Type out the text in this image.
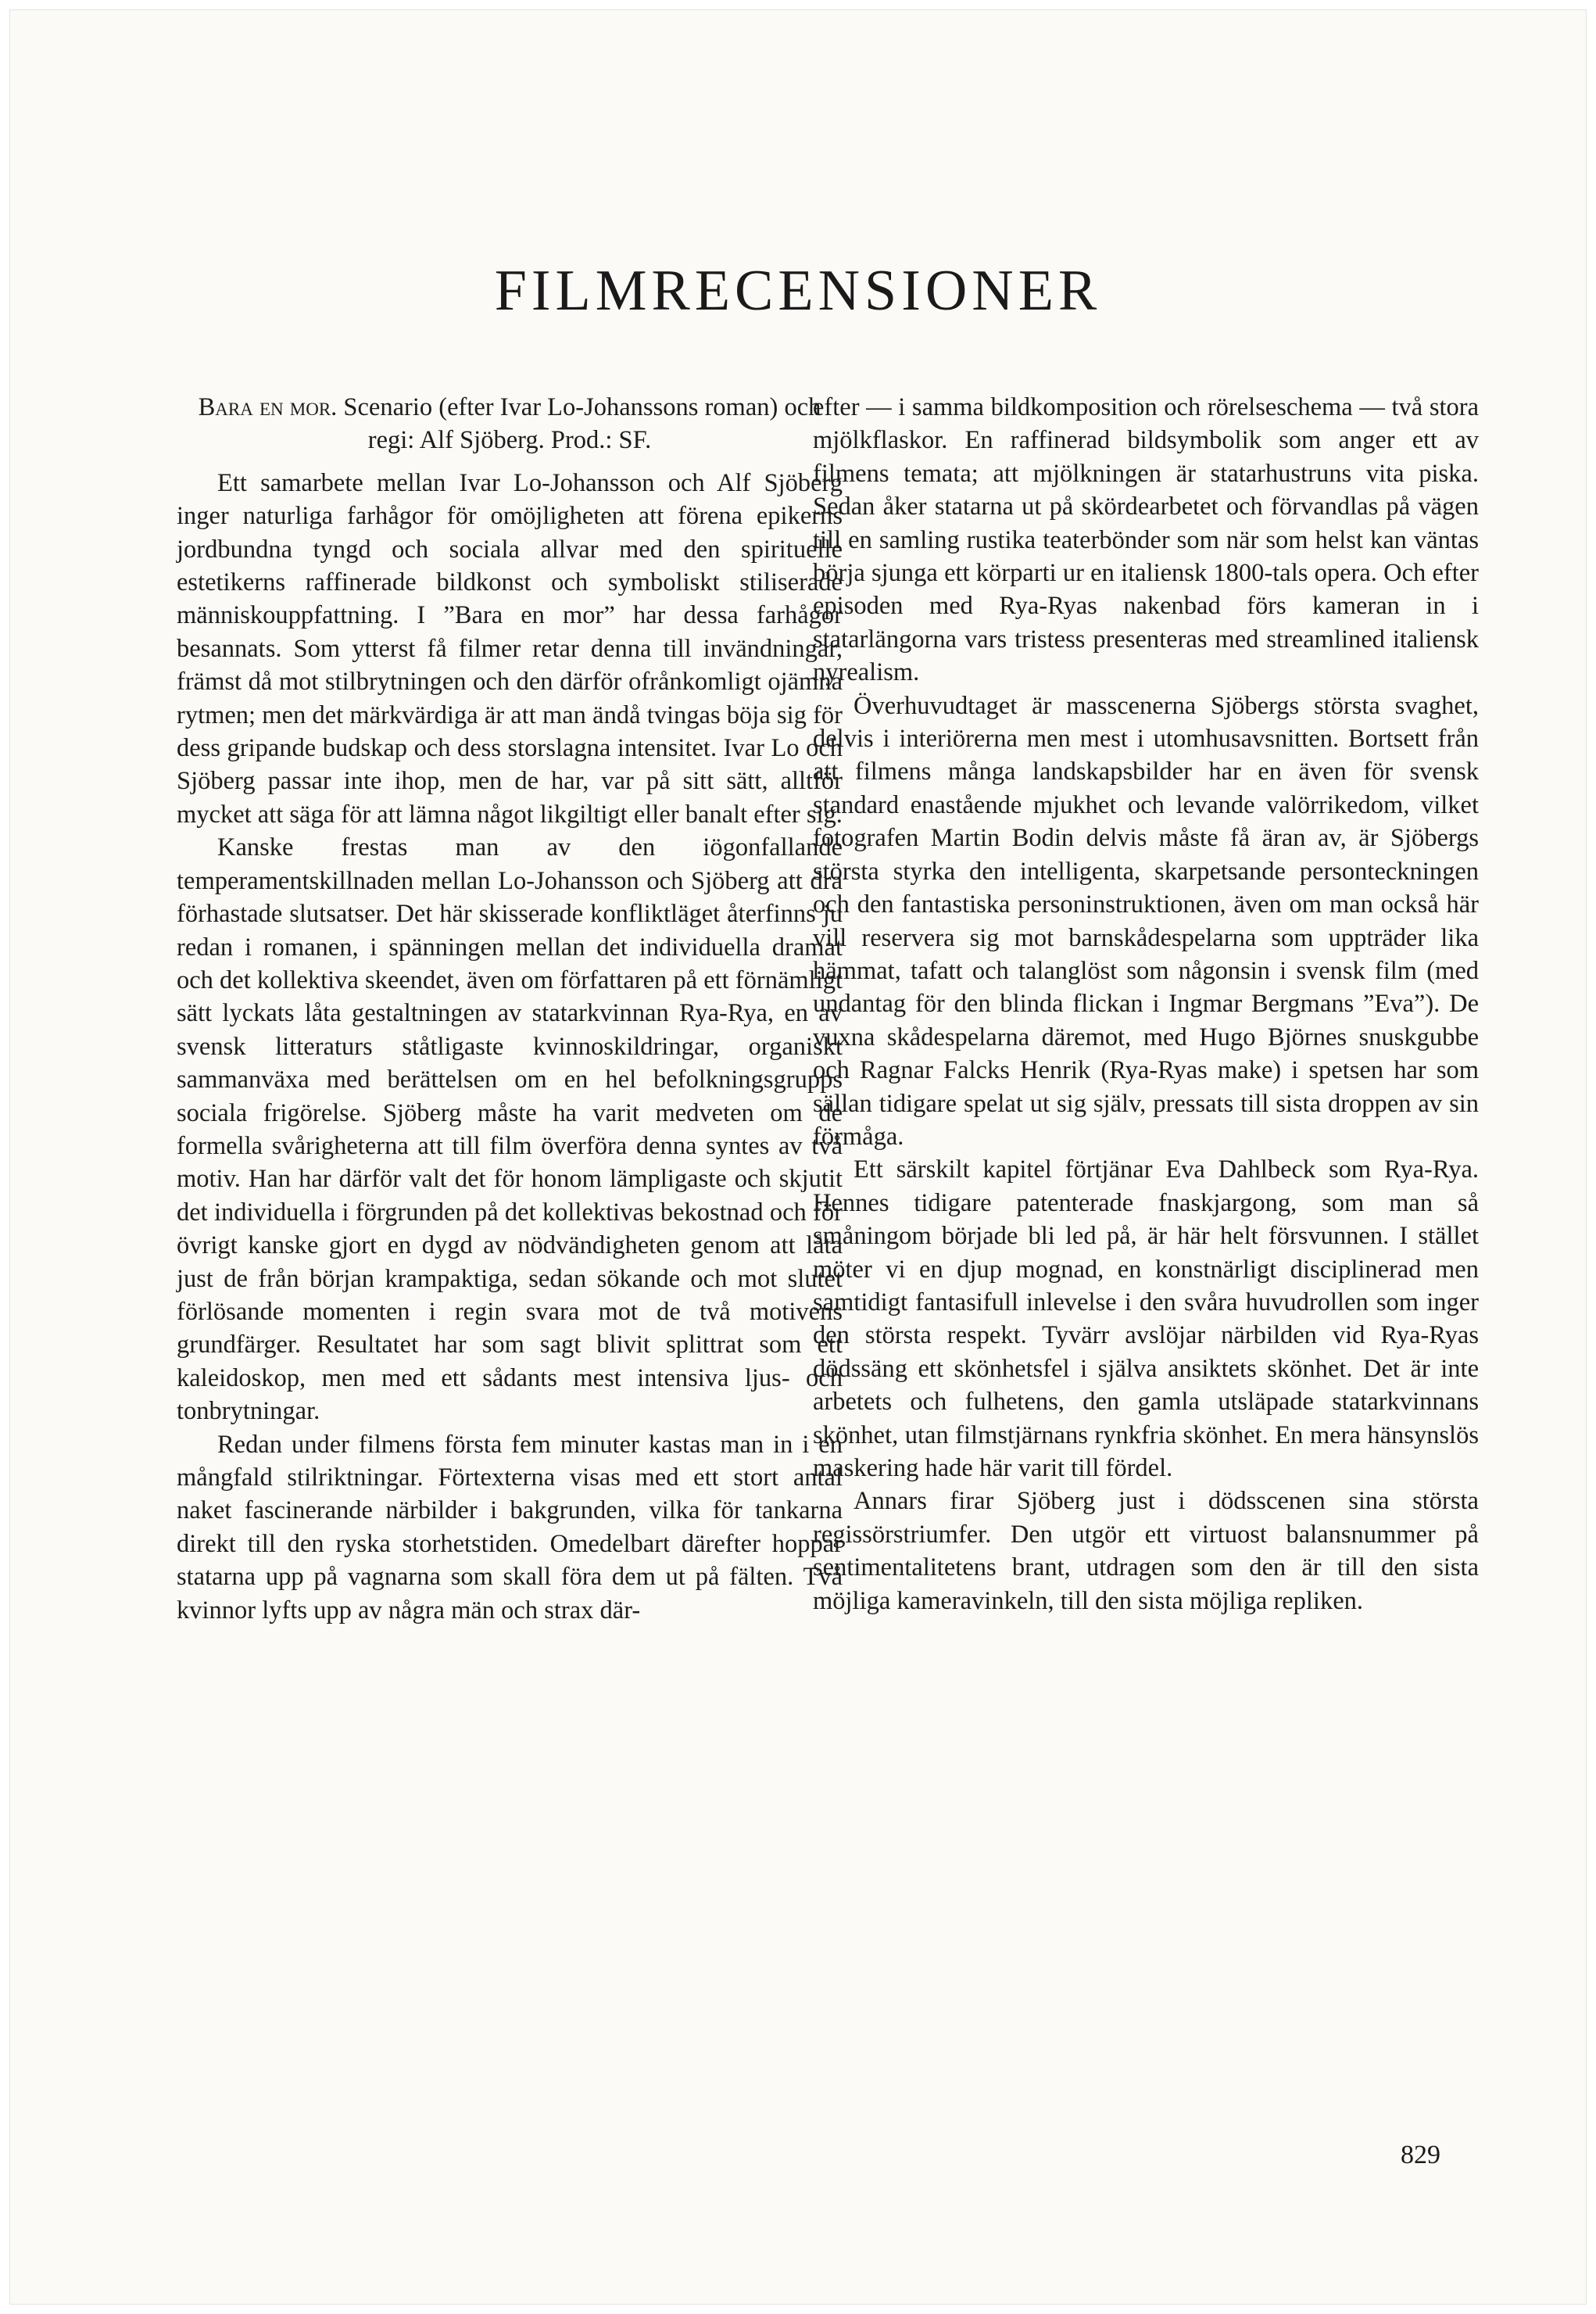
FILMRECENSIONER
Bara en mor. Scenario (efter Ivar Lo-Johanssons roman) och regi: Alf Sjöberg. Prod.: SF.

Ett samarbete mellan Ivar Lo-Johansson och Alf Sjöberg inger naturliga farhågor för omöjligheten att förena epikerns jordbundna tyngd och sociala allvar med den spirituelle estetikerns raffinerade bildkonst och symboliskt stiliserade människouppfattning. I ”Bara en mor” har dessa farhågor besannats. Som ytterst få filmer retar denna till invändningar, främst då mot stilbrytningen och den därför ofrånkomligt ojämna rytmen; men det märkvärdiga är att man ändå tvingas böja sig för dess gripande budskap och dess storslagna intensitet. Ivar Lo och Sjöberg passar inte ihop, men de har, var på sitt sätt, alltför mycket att säga för att lämna något likgiltigt eller banalt efter sig.

Kanske frestas man av den iögonfallande temperamentskillnaden mellan Lo-Johansson och Sjöberg att dra förhastade slutsatser. Det här skisserade konfliktläget återfinns ju redan i romanen, i spänningen mellan det individuella dramat och det kollektiva skeendet, även om författaren på ett förnämligt sätt lyckats låta gestaltningen av statarkvinnan Rya-Rya, en av svensk litteraturs ståtligaste kvinnoskildringar, organiskt sammanväxa med berättelsen om en hel befolkningsgrupps sociala frigörelse. Sjöberg måste ha varit medveten om de formella svårigheterna att till film överföra denna syntes av två motiv. Han har därför valt det för honom lämpligaste och skjutit det individuella i förgrunden på det kollektivas bekostnad och för övrigt kanske gjort en dygd av nödvändigheten genom att låta just de från början krampaktiga, sedan sökande och mot slutet förlösande momenten i regin svara mot de två motivens grundfärger. Resultatet har som sagt blivit splittrat som ett kaleidoskop, men med ett sådants mest intensiva ljus- och tonbrytningar.

Redan under filmens första fem minuter kastas man in i en mångfald stilriktningar. Förtexterna visas med ett stort antal naket fascinerande närbilder i bakgrunden, vilka för tankarna direkt till den ryska storhetstiden. Omedelbart därefter hoppar statarna upp på vagnarna som skall föra dem ut på fälten. Två kvinnor lyfts upp av några män och strax där-

efter — i samma bildkomposition och rörelseschema — två stora mjölkflaskor. En raffinerad bildsymbolik som anger ett av filmens temata; att mjölkningen är statarhustruns vita piska. Sedan åker statarna ut på skördearbetet och förvandlas på vägen till en samling rustika teaterbönder som när som helst kan väntas börja sjunga ett körparti ur en italiensk 1800-tals opera. Och efter episoden med Rya-Ryas nakenbad förs kameran in i statarlängorna vars tristess presenteras med streamlined italiensk nyrealism.

Överhuvudtaget är masscenerna Sjöbergs största svaghet, delvis i interiörerna men mest i utomhusavsnitten. Bortsett från att filmens många landskapsbilder har en även för svensk standard enastående mjukhet och levande valörrikedom, vilket fotografen Martin Bodin delvis måste få äran av, är Sjöbergs största styrka den intelligenta, skarpetsande personteckningen och den fantastiska personinstruktionen, även om man också här vill reservera sig mot barnskådespelarna som uppträder lika hämmat, tafatt och talanglöst som någonsin i svensk film (med undantag för den blinda flickan i Ingmar Bergmans ”Eva”). De vuxna skådespelarna däremot, med Hugo Björnes snuskgubbe och Ragnar Falcks Henrik (Rya-Ryas make) i spetsen har som sällan tidigare spelat ut sig själv, pressats till sista droppen av sin förmåga.

Ett särskilt kapitel förtjänar Eva Dahlbeck som Rya-Rya. Hennes tidigare patenterade fnaskjargong, som man så småningom började bli led på, är här helt försvunnen. I stället möter vi en djup mognad, en konstnärligt disciplinerad men samtidigt fantasifull inlevelse i den svåra huvudrollen som inger den största respekt. Tyvärr avslöjar närbilden vid Rya-Ryas dödssäng ett skönhetsfel i själva ansiktets skönhet. Det är inte arbetets och fulhetens, den gamla utsläpade statarkvinnans skönhet, utan filmstjärnans rynkfria skönhet. En mera hänsynslös maskering hade här varit till fördel.

Annars firar Sjöberg just i dödsscenen sina största regissörstriumfer. Den utgör ett virtuost balansnummer på sentimentalitetens brant, utdragen som den är till den sista möjliga kameravinkeln, till den sista möjliga repliken.

829
